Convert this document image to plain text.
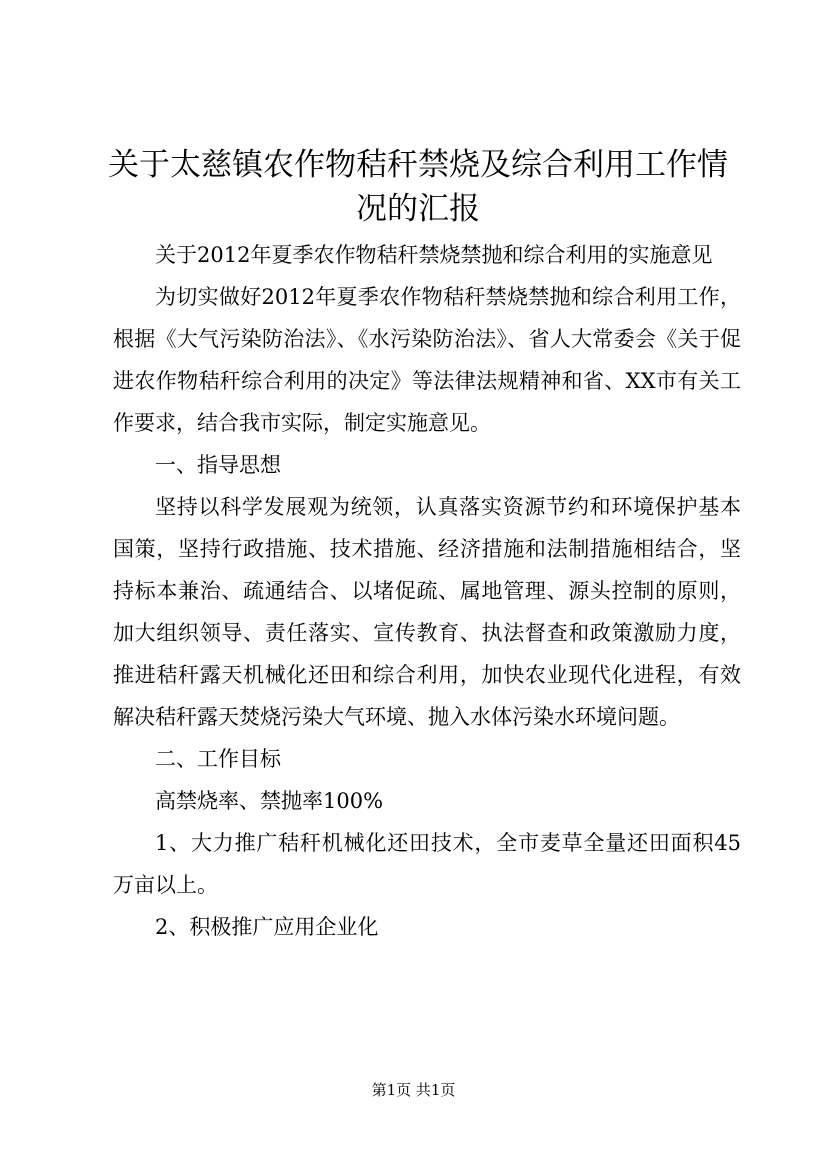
关于太慈镇农作物秸秆禁烧及综合利用工作情况的汇报

关于2012年夏季农作物秸秆禁烧禁抛和综合利用的实施意见

为切实做好2012年夏季农作物秸秆禁烧禁抛和综合利用工作，根据《大气污染防治法》、《水污染防治法》、省人大常委会《关于促进农作物秸秆综合利用的决定》等法律法规精神和省、XX市有关工作要求，结合我市实际，制定实施意见。

一、指导思想

坚持以科学发展观为统领，认真落实资源节约和环境保护基本国策，坚持行政措施、技术措施、经济措施和法制措施相结合，坚持标本兼治、疏通结合、以堵促疏、属地管理、源头控制的原则，加大组织领导、责任落实、宣传教育、执法督查和政策激励力度，推进秸秆露天机械化还田和综合利用，加快农业现代化进程，有效解决秸秆露天焚烧污染大气环境、抛入水体污染水环境问题。

二、工作目标

高禁烧率、禁抛率100%

1、大力推广秸秆机械化还田技术，全市麦草全量还田面积45万亩以上。

2、积极推广应用企业化

第1页 共1页
